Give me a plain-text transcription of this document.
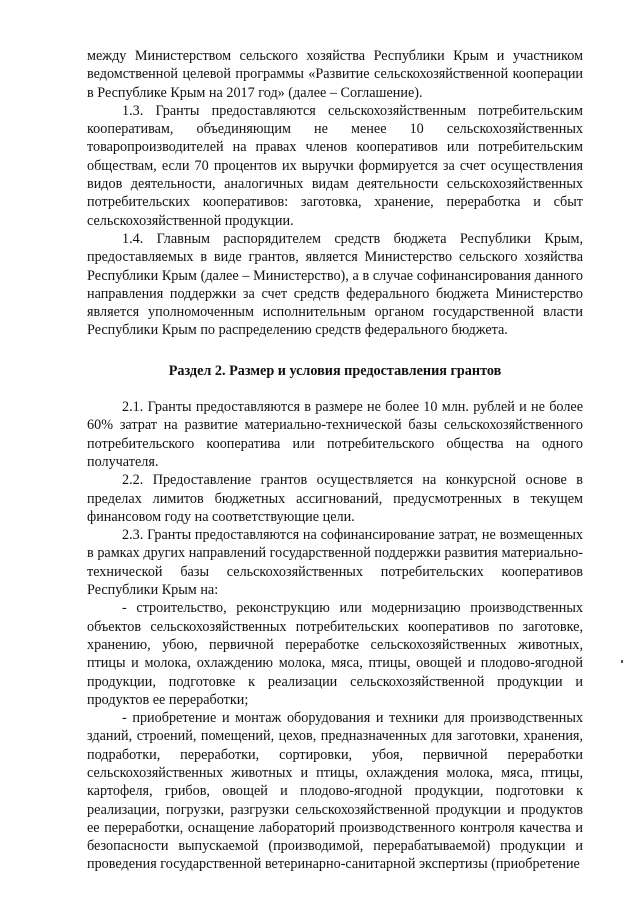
между Министерством сельского хозяйства Республики Крым и участником ведомственной целевой программы «Развитие сельскохозяйственной кооперации в Республике Крым на 2017 год» (далее – Соглашение).

1.3. Гранты предоставляются сельскохозяйственным потребительским кооперативам, объединяющим не менее 10 сельскохозяйственных товаропроизводителей на правах членов кооперативов или потребительским обществам, если 70 процентов их выручки формируется за счет осуществления видов деятельности, аналогичных видам деятельности сельскохозяйственных потребительских кооперативов: заготовка, хранение, переработка и сбыт сельскохозяйственной продукции.

1.4. Главным распорядителем средств бюджета Республики Крым, предоставляемых в виде грантов, является Министерство сельского хозяйства Республики Крым (далее – Министерство), а в случае софинансирования данного направления поддержки за счет средств федерального бюджета Министерство является уполномоченным исполнительным органом государственной власти Республики Крым по распределению средств федерального бюджета.

Раздел 2. Размер и условия предоставления грантов

2.1. Гранты предоставляются в размере не более 10 млн. рублей и не более 60% затрат на развитие материально-технической базы сельскохозяйственного потребительского кооператива или потребительского общества на одного получателя.

2.2. Предоставление грантов осуществляется на конкурсной основе в пределах лимитов бюджетных ассигнований, предусмотренных в текущем финансовом году на соответствующие цели.

2.3. Гранты предоставляются на софинансирование затрат, не возмещенных в рамках других направлений государственной поддержки развития материально-технической базы сельскохозяйственных потребительских кооперативов Республики Крым на:

- строительство, реконструкцию или модернизацию производственных объектов сельскохозяйственных потребительских кооперативов по заготовке, хранению, убою, первичной переработке сельскохозяйственных животных, птицы и молока, охлаждению молока, мяса, птицы, овощей и плодово-ягодной продукции, подготовке к реализации сельскохозяйственной продукции и продуктов ее переработки;

- приобретение и монтаж оборудования и техники для производственных зданий, строений, помещений, цехов, предназначенных для заготовки, хранения, подработки, переработки, сортировки, убоя, первичной переработки сельскохозяйственных животных и птицы, охлаждения молока, мяса, птицы, картофеля, грибов, овощей и плодово-ягодной продукции, подготовки к реализации, погрузки, разгрузки сельскохозяйственной продукции и продуктов ее переработки, оснащение лабораторий производственного контроля качества и безопасности выпускаемой (производимой, перерабатываемой) продукции и проведения государственной ветеринарно-санитарной экспертизы (приобретение
